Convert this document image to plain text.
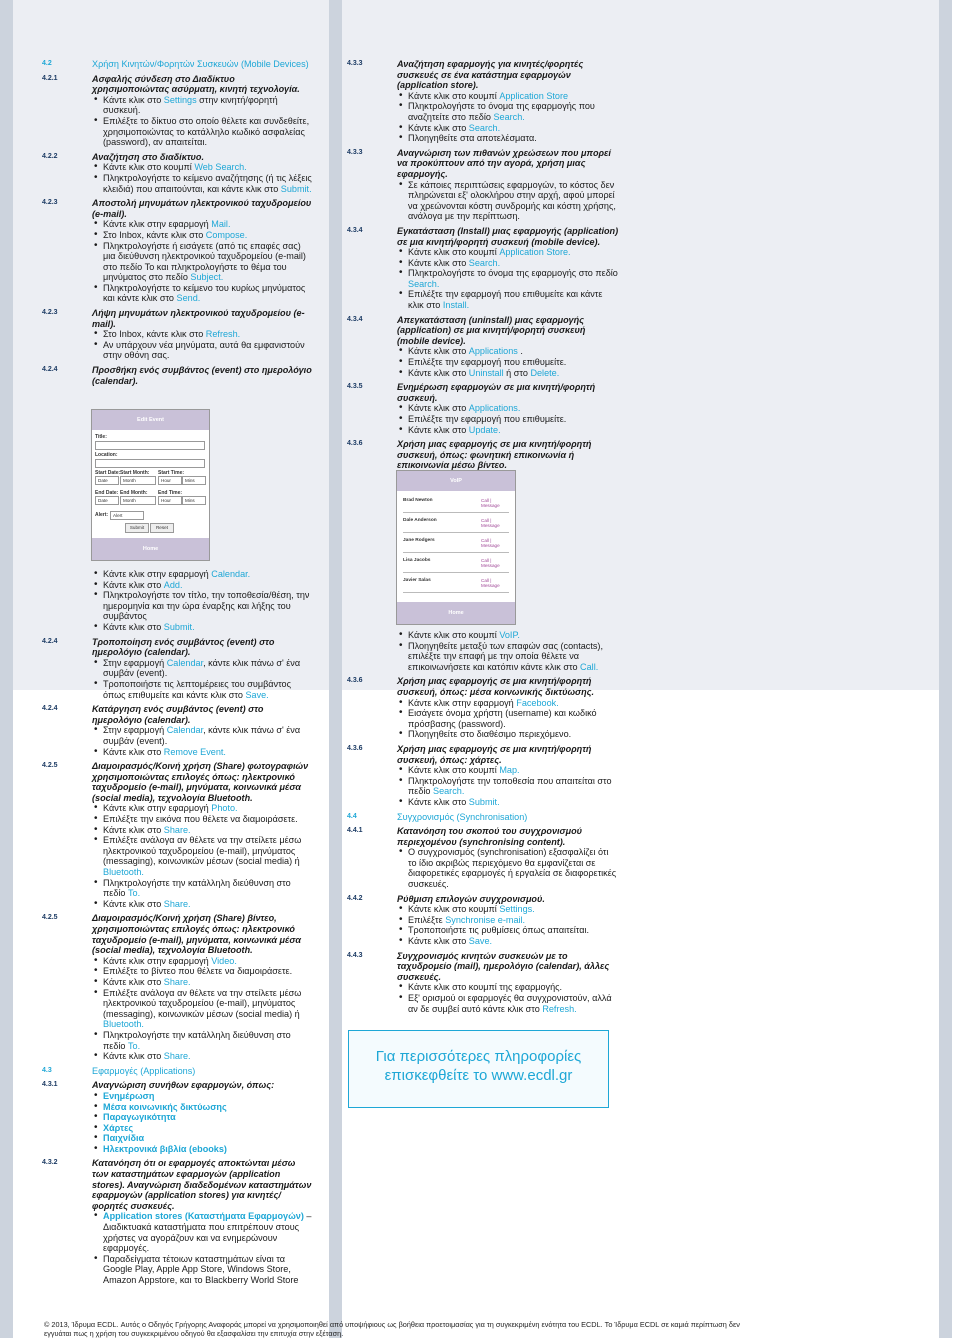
4.2	Χρήση Κινητών/Φορητών Συσκευών (Mobile Devices)
4.2.1	Ασφαλής σύνδεση στο Διαδίκτυο χρησιμοποιώντας ασύρματη, κινητή τεχνολογία.
• Κάντε κλικ στο Settings στην κινητή/φορητή συσκευή.
• Επιλέξτε το δίκτυο στο οποίο θέλετε και συνδεθείτε, χρησιμοποιώντας το κατάλληλο κωδικό ασφαλείας (password), αν απαιτείται.
4.2.2	Αναζήτηση στο διαδίκτυο.
• Κάντε κλικ στο κουμπί Web Search.
• Πληκτρολογήστε το κείμενο αναζήτησης (ή τις λέξεις κλειδιά) που απαιτούνται, και κάντε κλικ στο Submit.
4.2.3	Αποστολή μηνυμάτων ηλεκτρονικού ταχυδρομείου (e-mail).
• Κάντε κλικ στην εφαρμογή Mail.
• Στο Inbox, κάντε κλικ στο Compose.
• Πληκτρολογήστε ή εισάγετε (από τις επαφές σας) μια διεύθυνση ηλεκτρονικού ταχυδρομείου (e-mail) στο πεδίο To και πληκτρολογήστε το θέμα του μηνύματος στο πεδίο Subject.
• Πληκτρολογήστε το κείμενο του κυρίως μηνύματος και κάντε κλικ στο Send.
4.2.3	Λήψη μηνυμάτων ηλεκτρονικού ταχυδρομείου (e-mail).
• Στο Inbox, κάντε κλικ στο Refresh.
• Αν υπάρχουν νέα μηνύματα, αυτά θα εμφανιστούν στην οθόνη σας.
4.2.4	Προσθήκη ενός συμβάντος (event) στο ημερολόγιο (calendar).
4.3.3	Αναζήτηση εφαρμογής για κινητές/φορητές συσκευές σε ένα κατάστημα εφαρμογών (application store).
• Κάντε κλικ στο κουμπί Application Store
• Πληκτρολογήστε το όνομα της εφαρμογής που αναζητείτε στο πεδίο Search.
• Κάντε κλικ στο Search.
• Πλοηγηθείτε στα αποτελέσματα.
4.3.3	Αναγνώριση των πιθανών χρεώσεων που μπορεί να προκύπτουν από την αγορά, χρήση μιας εφαρμογής.
• Σε κάποιες περιπτώσεις εφαρμογών, το κόστος δεν πληρώνεται εξ' ολοκλήρου στην αρχή, αφού μπορεί να χρεώνονται κόστη συνδρομής και κόστη χρήσης, ανάλογα με την περίπτωση.
4.3.4	Εγκατάσταση (Install) μιας εφαρμογής (application) σε μια κινητή/φορητή συσκευή (mobile device).
• Κάντε κλικ στο κουμπί Application Store.
• Κάντε κλικ στο Search.
• Πληκτρολογήστε το όνομα της εφαρμογής στο πεδίο Search.
• Επιλέξτε την εφαρμογή που επιθυμείτε και κάντε κλικ στο Install.
4.3.4	Απεγκατάσταση (uninstall) μιας εφαρμογής (application) σε μια κινητή/φορητή συσκευή (mobile device).
• Κάντε κλικ στο Applications .
• Επιλέξτε την εφαρμογή που επιθυμείτε.
• Κάντε κλικ στο Uninstall ή στο Delete.
4.3.5	Ενημέρωση εφαρμογών σε μια κινητή/φορητή συσκευή.
• Κάντε κλικ στο Applications.
• Επιλέξτε την εφαρμογή που επιθυμείτε.
• Κάντε κλικ στο Update.
4.3.6	Χρήση μιας εφαρμογής σε μια κινητή/φορητή συσκευή, όπως: φωνητική επικοινωνία ή επικοινωνία μέσω βίντεο.
• Κάντε κλικ στην εφαρμογή Calendar.
• Κάντε κλικ στο Add.
• Πληκτρολογήστε τον τίτλο, την τοποθεσία/θέση, την ημερομηνία και την ώρα έναρξης και λήξης του συμβάντος
• Κάντε κλικ στο Submit.
4.2.4	Τροποποίηση ενός συμβάντος (event) στο ημερολόγιο (calendar).
• Στην εφαρμογή Calendar, κάντε κλικ πάνω σ' ένα συμβάν (event).
• Τροποποιήστε τις λεπτομέρειες του συμβάντος όπως επιθυμείτε και κάντε κλικ στο Save.
4.2.4	Κατάργηση ενός συμβάντος (event) στο ημερολόγιο (calendar).
• Στην εφαρμογή Calendar, κάντε κλικ πάνω σ' ένα συμβάν (event).
• Κάντε κλικ στο Remove Event.
4.2.5	Διαμοιρασμός/Κοινή χρήση (Share) φωτογραφιών χρησιμοποιώντας επιλογές όπως: ηλεκτρονικό ταχυδρομείο (e-mail), μηνύματα, κοινωνικά μέσα (social media), τεχνολογία Bluetooth.
• Κάντε κλικ στην εφαρμογή Photo.
• Επιλέξτε την εικόνα που θέλετε να διαμοιράσετε.
• Κάντε κλικ στο Share.
• Επιλέξτε ανάλογα αν θέλετε να την στείλετε μέσω ηλεκτρονικού ταχυδρομείου (e-mail), μηνύματος (messaging), κοινωνικών μέσων (social media) ή Bluetooth.
• Πληκτρολογήστε την κατάλληλη διεύθυνση στο πεδίο To.
• Κάντε κλικ στο Share.
4.2.5	Διαμοιρασμός/Κοινή χρήση (Share) βίντεο, χρησιμοποιώντας επιλογές όπως: ηλεκτρονικό ταχυδρομείο (e-mail), μηνύματα, κοινωνικά μέσα (social media), τεχνολογία Bluetooth.
• Κάντε κλικ στην εφαρμογή Video.
• Επιλέξτε το βίντεο που θέλετε να διαμοιράσετε.
• Κάντε κλικ στο Share.
• Επιλέξτε ανάλογα αν θέλετε να την στείλετε μέσω ηλεκτρονικού ταχυδρομείου (e-mail), μηνύματος (messaging), κοινωνικών μέσων (social media) ή Bluetooth.
• Πληκτρολογήστε την κατάλληλη διεύθυνση στο πεδίο To.
• Κάντε κλικ στο Share.
4.3	Εφαρμογές (Applications)
4.3.1	Αναγνώριση συνήθων εφαρμογών, όπως:
• Ενημέρωση
• Μέσα κοινωνικής δικτύωσης
• Παραγωγικότητα
• Χάρτες
• Παιχνίδια
• Ηλεκτρονικά βιβλία (ebooks)
4.3.2	Κατανόηση ότι οι εφαρμογές αποκτώνται μέσω των καταστημάτων εφαρμογών (application stores). Αναγνώριση διαδεδομένων καταστημάτων εφαρμογών (application stores) για κινητές/φορητές συσκευές.
• Application stores (Καταστήματα Εφαρμογών) – Διαδικτυακά καταστήματα που επιτρέπουν στους χρήστες να αγοράζουν και να ενημερώνουν εφαρμογές.
• Παραδείγματα τέτοιων καταστημάτων είναι τα Google Play, Apple App Store, Windows Store, Amazon Appstore, και το Blackberry World Store
• Κάντε κλικ στο κουμπί VoIP.
• Πλοηγηθείτε μεταξύ των επαφών σας (contacts), επιλέξτε την επαφή με την οποία θέλετε να επικοινωνήσετε και κατόπιν κάντε κλικ στο Call.
4.3.6	Χρήση μιας εφαρμογής σε μια κινητή/φορητή συσκευή, όπως: μέσα κοινωνικής δικτύωσης.
• Κάντε κλικ στην εφαρμογή Facebook.
• Εισάγετε όνομα χρήστη (username) και κωδικό πρόσβασης (password).
• Πλοηγηθείτε στο διαθέσιμο περιεχόμενο.
4.3.6	Χρήση μιας εφαρμογής σε μια κινητή/φορητή συσκευή, όπως: χάρτες.
• Κάντε κλικ στο κουμπί Map.
• Πληκτρολογήστε την τοποθεσία που απαιτείται στο πεδίο Search.
• Κάντε κλικ στο Submit.
4.4	Συγχρονισμός (Synchronisation)
4.4.1	Κατανόηση του σκοπού του συγχρονισμού περιεχομένου (synchronising content).
• Ο συγχρονισμός (synchronisation) εξασφαλίζει ότι το ίδιο ακριβώς περιεχόμενο θα εμφανίζεται σε διαφορετικές εφαρμογές ή εργαλεία σε διαφορετικές συσκευές.
4.4.2	Ρύθμιση επιλογών συγχρονισμού.
• Κάντε κλικ στο κουμπί Settings.
• Επιλέξτε Synchronise e-mail.
• Τροποποιήστε τις ρυθμίσεις όπως απαιτείται.
• Κάντε κλικ στο Save.
4.4.3	Συγχρονισμός κινητών συσκευών με το ταχυδρομείο (mail), ημερολόγιο (calendar), άλλες συσκευές.
• Κάντε κλικ στο κουμπί της εφαρμογής.
• Εξ' ορισμού οι εφαρμογές θα συγχρονιστούν, αλλά αν δε συμβεί αυτό κάντε κλικ στο Refresh.
Edit Event
Title:
Location:
Start Date: Start Month: Start Time:
Date	Month	Hour	Mins
End Date: End Month: End Time:
Date	Month	Hour	Mins
Alert:	Alert
Submit	Reset
Home
VoIP
Brad Newton	Call | Message
Dale Anderson	Call | Message
Jane Rodgers	Call | Message
Lisa Jacobs	Call | Message
Javier Salas	Call | Message
Home
Για περισσότερες πληροφορίες
επισκεφθείτε το www.ecdl.gr
© 2013, Ίδρυμα ECDL. Αυτός ο Οδηγός Γρήγορης Αναφοράς μπορεί να χρησιμοποιηθεί από υποψήφιους ως βοήθεια προετοιμασίας για τη συγκεκριμένη ενότητα του ECDL. Το Ίδρυμα ECDL σε καμιά περίπτωση δεν
εγγυάται πως η χρήση του συγκεκριμένου οδηγού θα εξασφαλίσει την επιτυχία στην εξέταση.
